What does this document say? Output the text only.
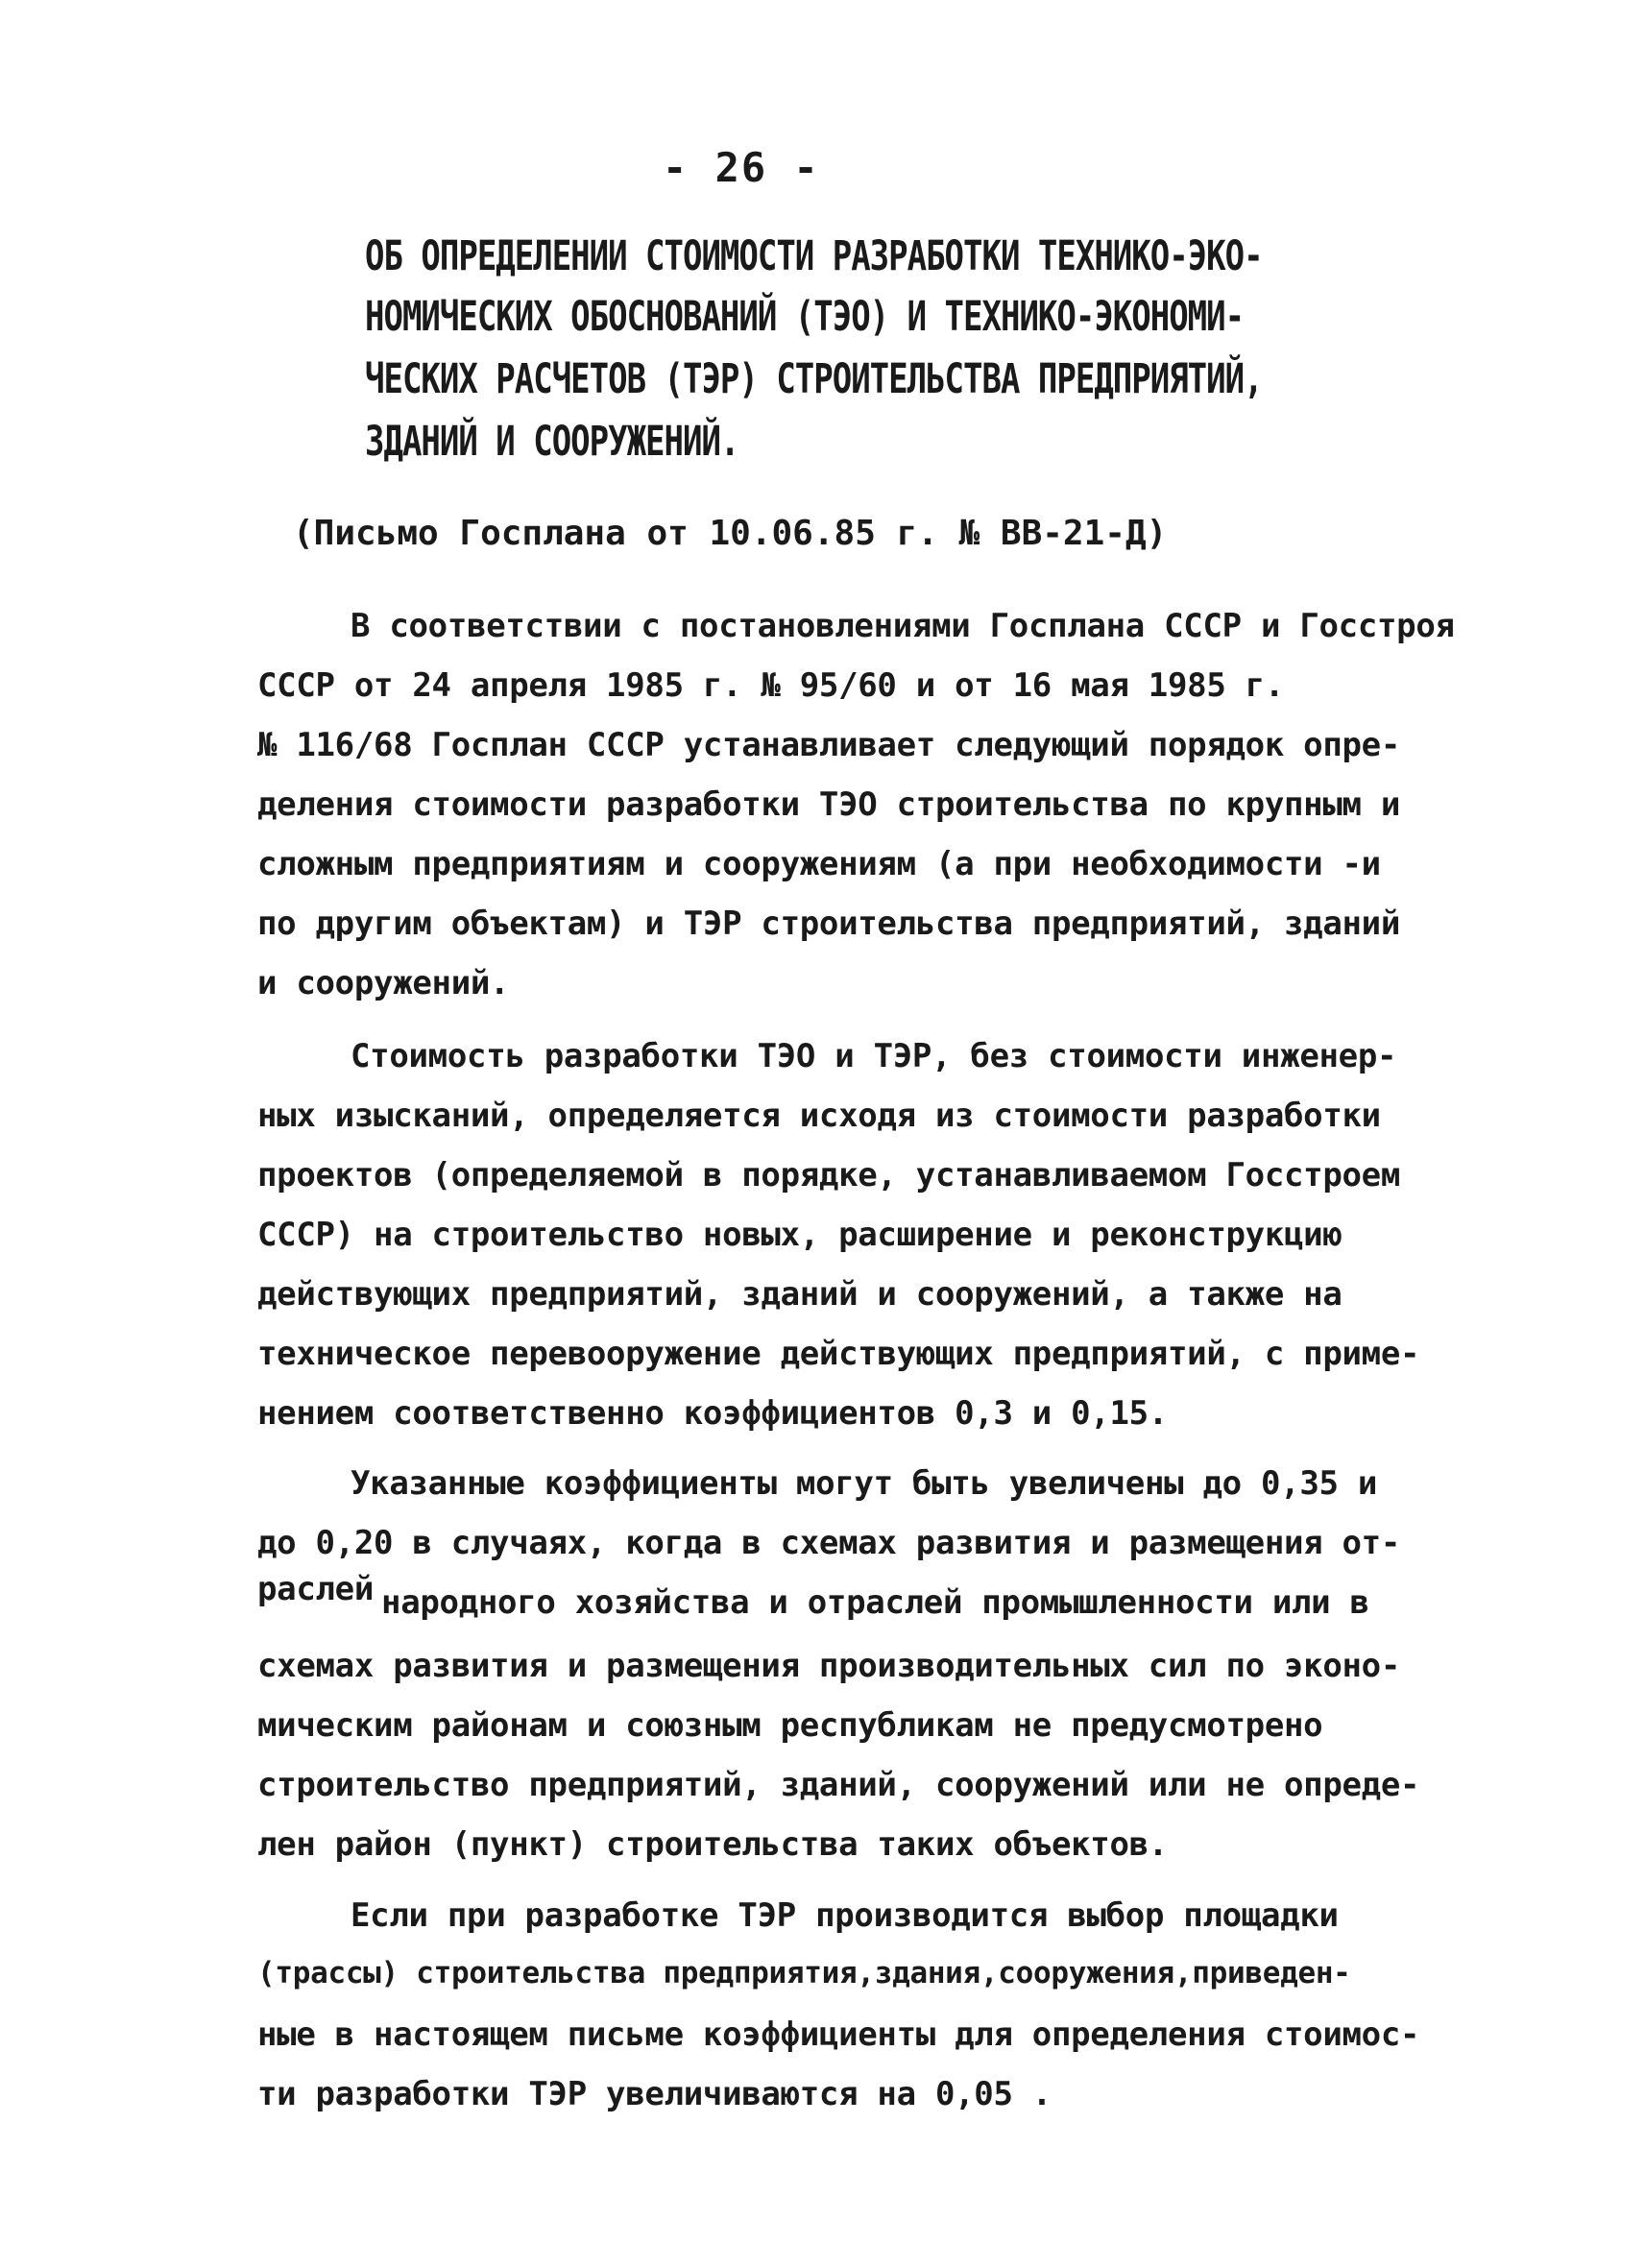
- 26 -
ОБ ОПРЕДЕЛЕНИИ СТОИМОСТИ РАЗРАБОТКИ ТЕХНИКО-ЭКО-
НОМИЧЕСКИХ ОБОСНОВАНИЙ (ТЭО) И ТЕХНИКО-ЭКОНОМИ-
ЧЕСКИХ РАСЧЕТОВ (ТЭР) СТРОИТЕЛЬСТВА ПРЕДПРИЯТИЙ,
ЗДАНИЙ И СООРУЖЕНИЙ.
(Письмо Госплана от 10.06.85 г. № ВВ-21-Д)
В соответствии с постановлениями Госплана СССР и Госстроя
СССР от 24 апреля 1985 г. № 95/60 и от 16 мая 1985 г.
№ 116/68 Госплан СССР устанавливает следующий порядок опре-
деления стоимости разработки ТЭО строительства по крупным и
сложным предприятиям и сооружениям (а при необходимости -и
по другим объектам) и ТЭР строительства предприятий, зданий
и сооружений.
Стоимость разработки ТЭО и ТЭР, без стоимости инженер-
ных изысканий, определяется исходя из стоимости разработки
проектов (определяемой в порядке, устанавливаемом Госстроем
СССР) на строительство новых, расширение и реконструкцию
действующих предприятий, зданий и сооружений, а также на
техническое перевооружение действующих предприятий, с приме-
нением соответственно коэффициентов 0,3 и 0,15.
Указанные коэффициенты могут быть увеличены до 0,35 и
до 0,20 в случаях, когда в схемах развития и размещения от-
раслей народного хозяйства и отраслей промышленности или в
схемах развития и размещения производительных сил по эконо-
мическим районам и союзным республикам не предусмотрено
строительство предприятий, зданий, сооружений или не опреде-
лен район (пункт) строительства таких объектов.
Если при разработке ТЭР производится выбор площадки
(трассы) строительства предприятия,здания,сооружения,приведен-
ные в настоящем письме коэффициенты для определения стоимос-
ти разработки ТЭР увеличиваются на 0,05 .
